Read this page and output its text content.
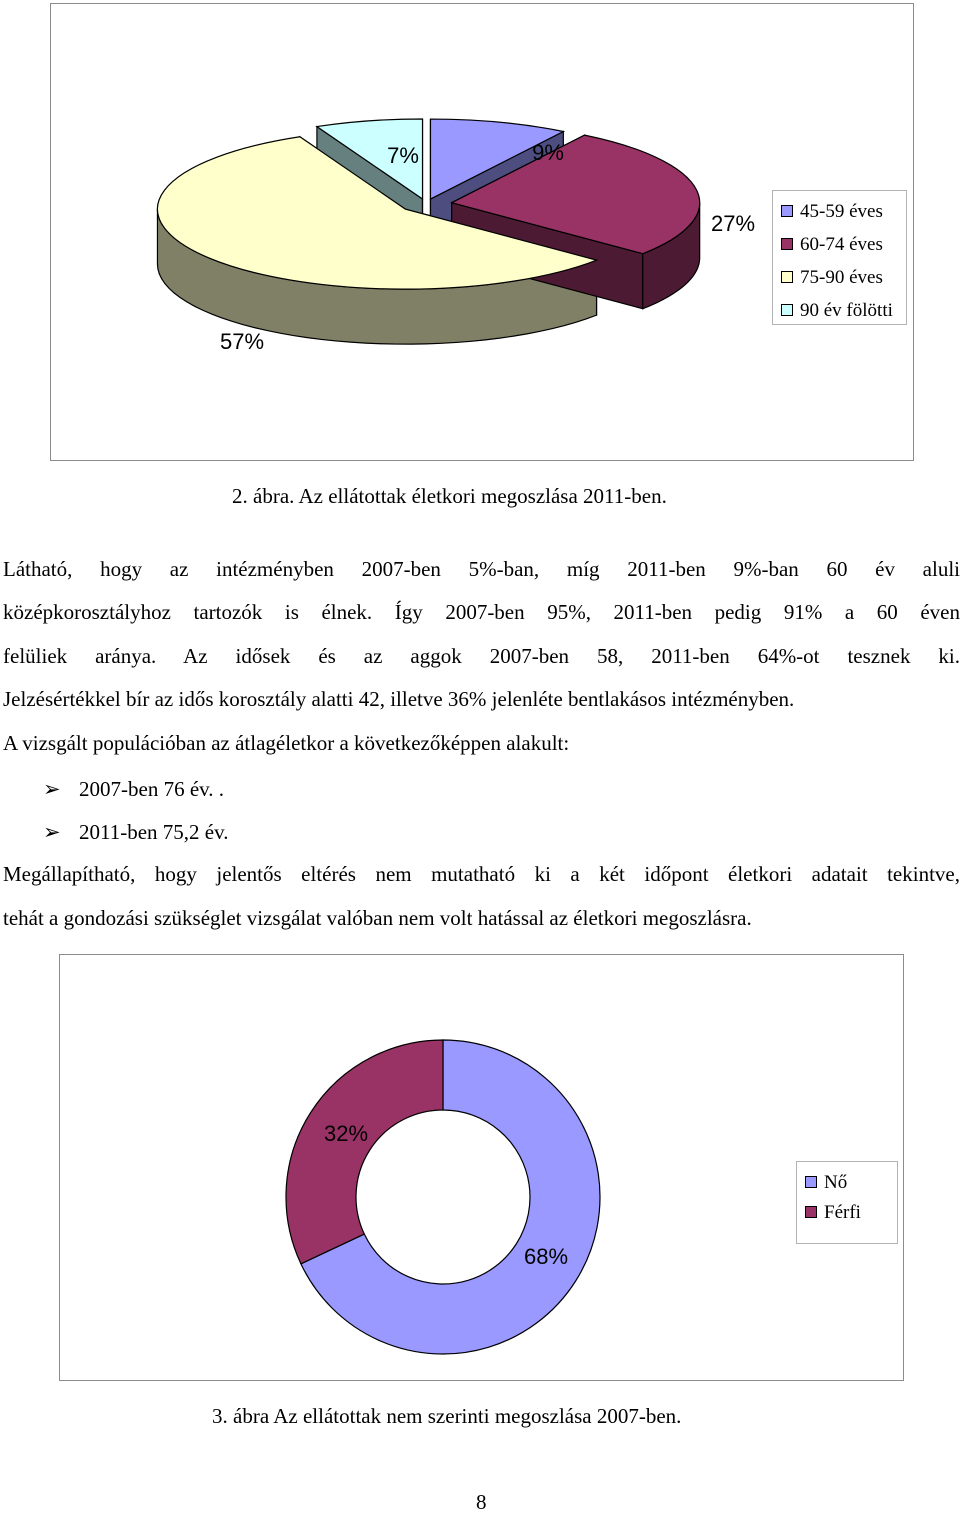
9%
27%
57%
7%
45-59 éves
60-74 éves
75-90 éves
90 év fölötti
2. ábra. Az ellátottak életkori megoszlása 2011-ben.
Látható, hogy az intézményben 2007-ben 5%-ban, míg 2011-ben 9%-ban 60 év aluli
középkorosztályhoz tartozók is élnek. Így 2007-ben 95%, 2011-ben pedig 91% a 60 éven
felüliek aránya. Az idősek és az aggok 2007-ben 58, 2011-ben 64%-ot tesznek ki.
Jelzésértékkel bír az idős korosztály alatti 42, illetve 36% jelenléte bentlakásos intézményben.
A vizsgált populációban az átlagéletkor a következőképpen alakult:
➢ 2007-ben 76 év. .
➢ 2011-ben 75,2 év.
Megállapítható, hogy jelentős eltérés nem mutatható ki a két időpont életkori adatait tekintve,
tehát a gondozási szükséglet vizsgálat valóban nem volt hatással az életkori megoszlásra.
68%
32%
Nő
Férfi
3. ábra Az ellátottak nem szerinti megoszlása 2007-ben.
8
